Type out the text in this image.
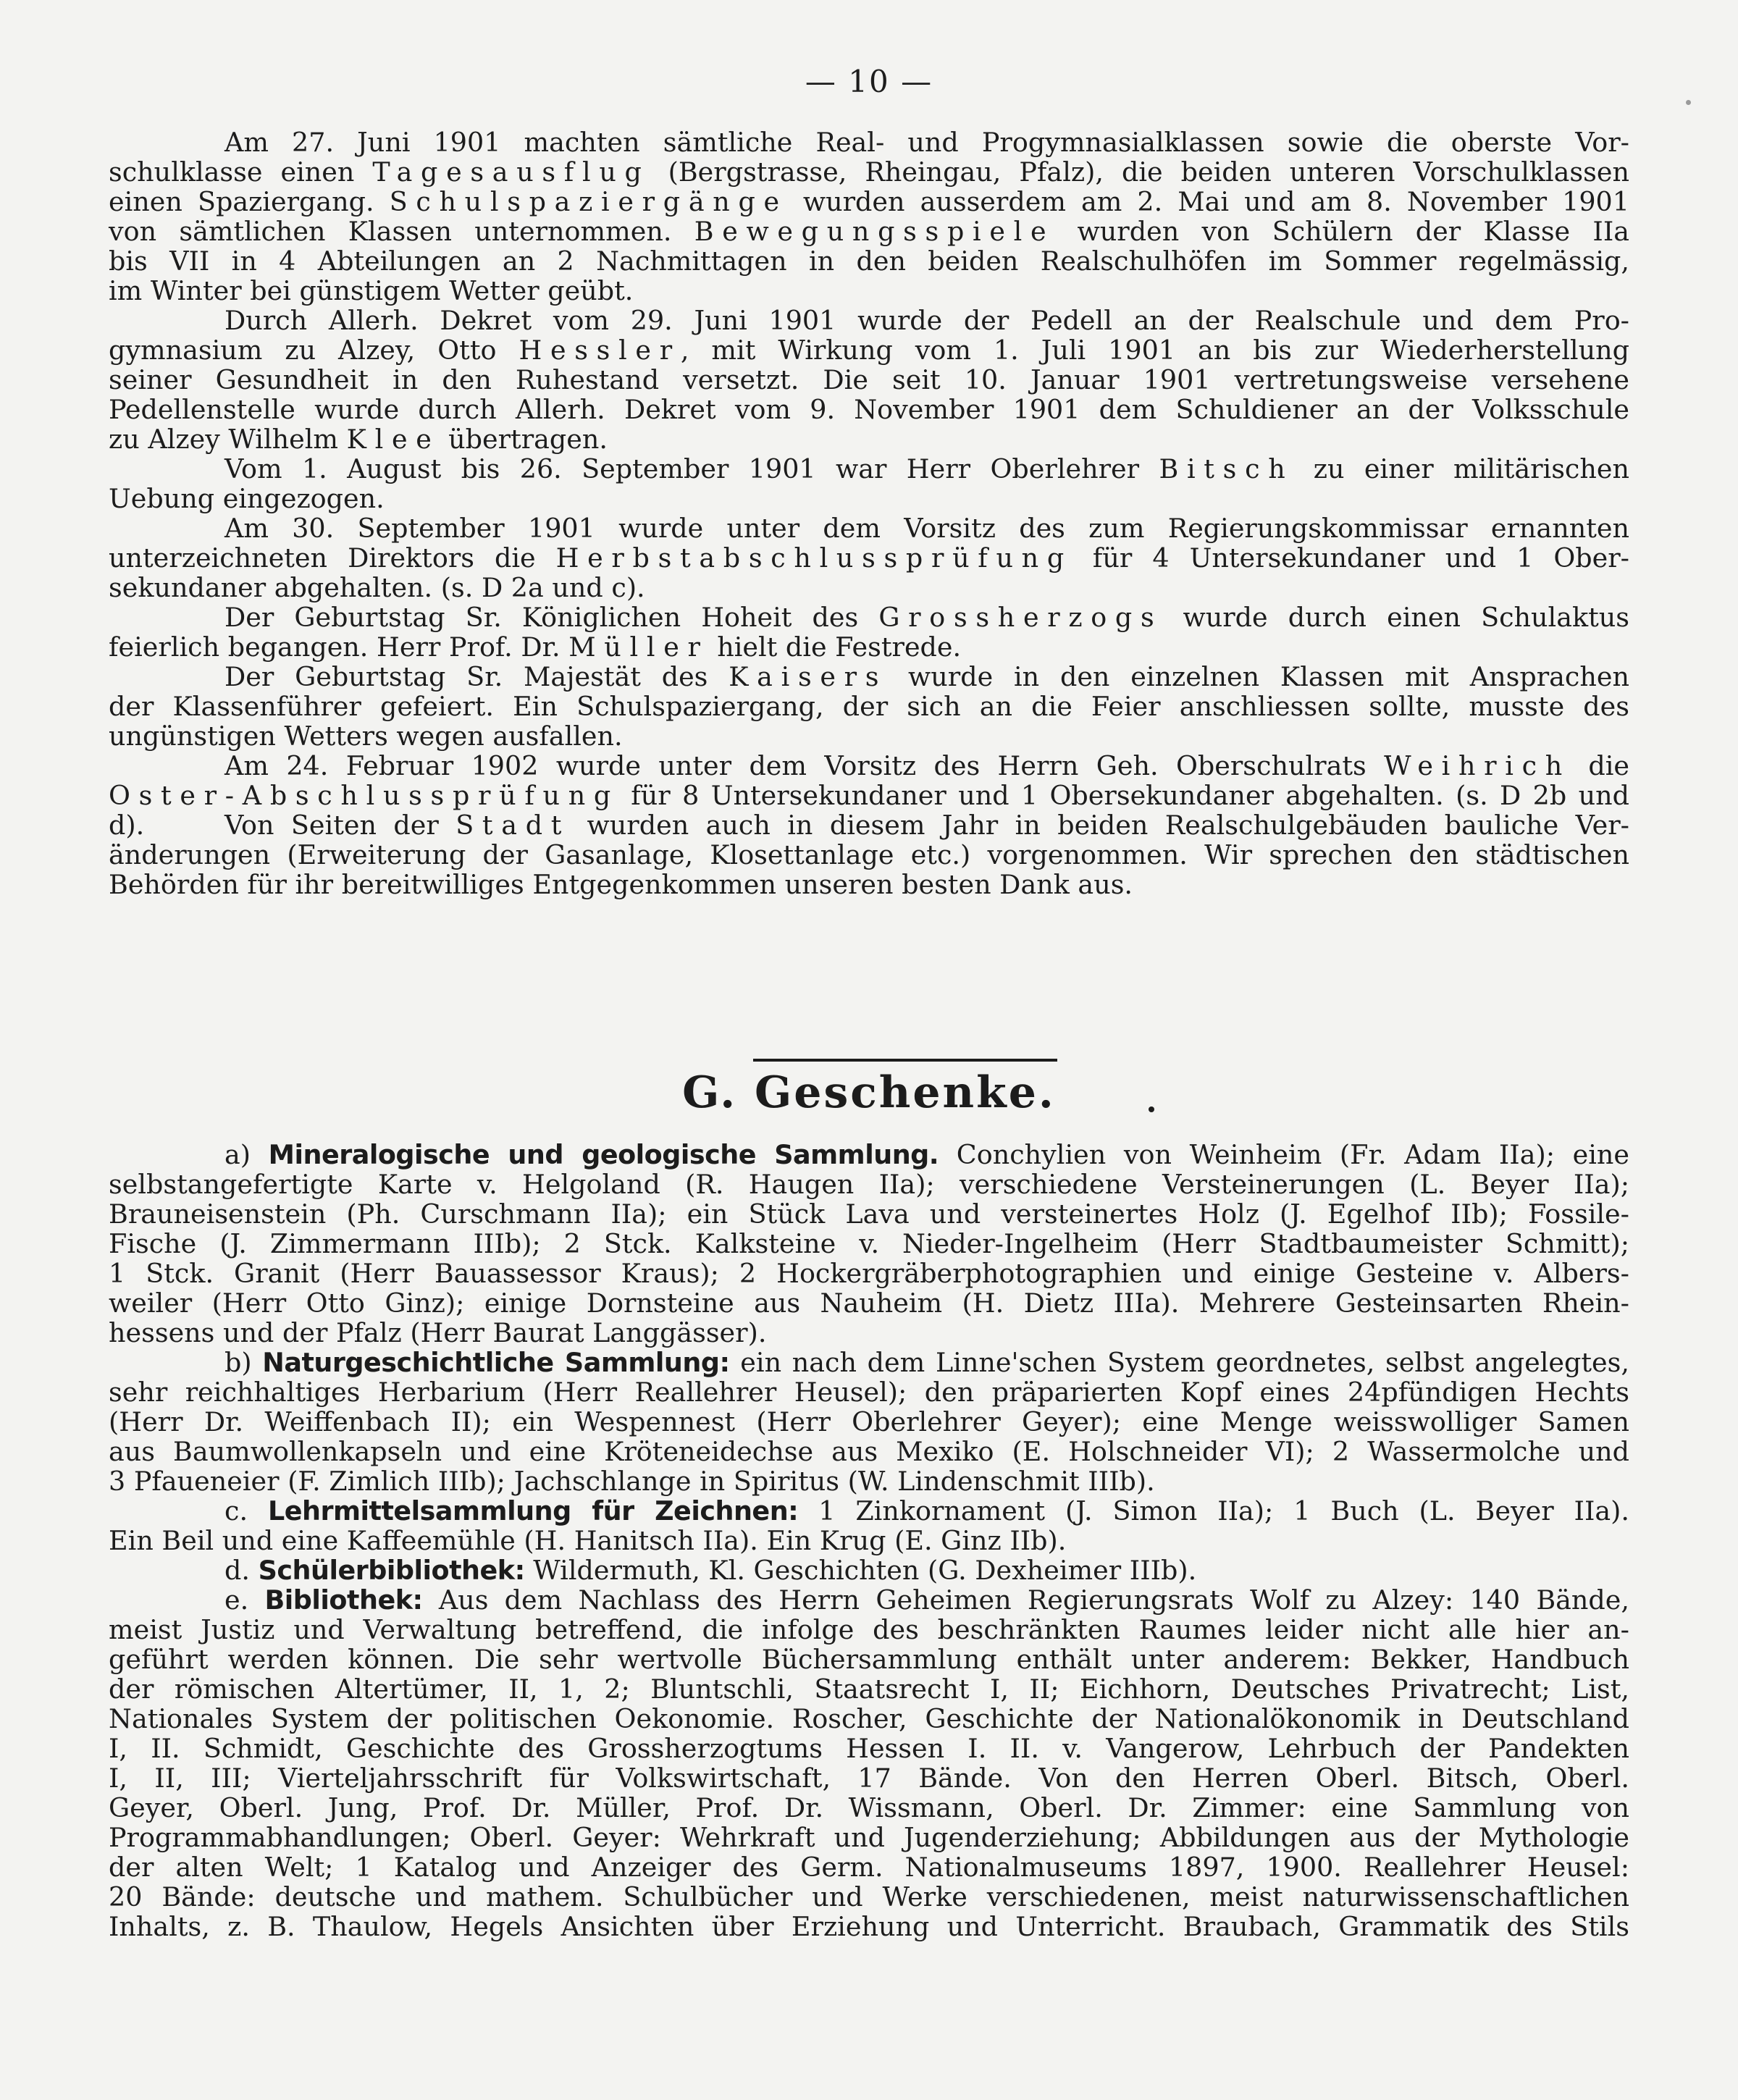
— 10 —
Am 27. Juni 1901 machten sämtliche Real- und Progymnasialklassen sowie die oberste Vor-
schulklasse einen Tagesausflug (Bergstrasse, Rheingau, Pfalz), die beiden unteren Vorschulklassen
einen Spaziergang. Schulspaziergänge wurden ausserdem am 2. Mai und am 8. November 1901
von sämtlichen Klassen unternommen. Bewegungsspiele wurden von Schülern der Klasse IIa
bis VII in 4 Abteilungen an 2 Nachmittagen in den beiden Realschulhöfen im Sommer regelmässig,
im Winter bei günstigem Wetter geübt.
Durch Allerh. Dekret vom 29. Juni 1901 wurde der Pedell an der Realschule und dem Pro-
gymnasium zu Alzey, Otto Hessler, mit Wirkung vom 1. Juli 1901 an bis zur Wiederherstellung
seiner Gesundheit in den Ruhestand versetzt. Die seit 10. Januar 1901 vertretungsweise versehene
Pedellenstelle wurde durch Allerh. Dekret vom 9. November 1901 dem Schuldiener an der Volksschule
zu Alzey Wilhelm Klee übertragen.
Vom 1. August bis 26. September 1901 war Herr Oberlehrer Bitsch zu einer militärischen
Uebung eingezogen.
Am 30. September 1901 wurde unter dem Vorsitz des zum Regierungskommissar ernannten
unterzeichneten Direktors die Herbstabschlussprüfung für 4 Untersekundaner und 1 Ober-
sekundaner abgehalten. (s. D 2a und c).
Der Geburtstag Sr. Königlichen Hoheit des Grossherzogs wurde durch einen Schulaktus
feierlich begangen. Herr Prof. Dr. Müller hielt die Festrede.
Der Geburtstag Sr. Majestät des Kaisers wurde in den einzelnen Klassen mit Ansprachen
der Klassenführer gefeiert. Ein Schulspaziergang, der sich an die Feier anschliessen sollte, musste des
ungünstigen Wetters wegen ausfallen.
Am 24. Februar 1902 wurde unter dem Vorsitz des Herrn Geh. Oberschulrats Weihrich die
Oster-Abschlussprüfung für 8 Untersekundaner und 1 Obersekundaner abgehalten. (s. D 2b und d).	Von Seiten der Stadt wurden auch in diesem Jahr in beiden Realschulgebäuden bauliche Ver-
änderungen (Erweiterung der Gasanlage, Klosettanlage etc.) vorgenommen. Wir sprechen den städtischen
Behörden für ihr bereitwilliges Entgegenkommen unseren besten Dank aus.
G. Geschenke.
a) Mineralogische und geologische Sammlung. Conchylien von Weinheim (Fr. Adam IIa); eine
selbstangefertigte Karte v. Helgoland (R. Haugen IIa); verschiedene Versteinerungen (L. Beyer IIa);
Brauneisenstein (Ph. Curschmann IIa); ein Stück Lava und versteinertes Holz (J. Egelhof IIb); Fossile-
Fische (J. Zimmermann IIIb); 2 Stck. Kalksteine v. Nieder-Ingelheim (Herr Stadtbaumeister Schmitt);
1 Stck. Granit (Herr Bauassessor Kraus); 2 Hockergräberphotographien und einige Gesteine v. Albers-
weiler (Herr Otto Ginz); einige Dornsteine aus Nauheim (H. Dietz IIIa). Mehrere Gesteinsarten Rhein-
hessens und der Pfalz (Herr Baurat Langgässer).
b) Naturgeschichtliche Sammlung: ein nach dem Linne'schen System geordnetes, selbst angelegtes,
sehr reichhaltiges Herbarium (Herr Reallehrer Heusel); den präparierten Kopf eines 24pfündigen Hechts
(Herr Dr. Weiffenbach II); ein Wespennest (Herr Oberlehrer Geyer); eine Menge weisswolliger Samen
aus Baumwollenkapseln und eine Kröteneidechse aus Mexiko (E. Holschneider VI); 2 Wassermolche und
3 Pfaueneier (F. Zimlich IIIb); Jachschlange in Spiritus (W. Lindenschmit IIIb).
c. Lehrmittelsammlung für Zeichnen: 1 Zinkornament (J. Simon IIa); 1 Buch (L. Beyer IIa).
Ein Beil und eine Kaffeemühle (H. Hanitsch IIa). Ein Krug (E. Ginz IIb).
d. Schülerbibliothek: Wildermuth, Kl. Geschichten (G. Dexheimer IIIb).
e. Bibliothek: Aus dem Nachlass des Herrn Geheimen Regierungsrats Wolf zu Alzey: 140 Bände,
meist Justiz und Verwaltung betreffend, die infolge des beschränkten Raumes leider nicht alle hier an-
geführt werden können. Die sehr wertvolle Büchersammlung enthält unter anderem: Bekker, Handbuch
der römischen Altertümer, II, 1, 2; Bluntschli, Staatsrecht I, II; Eichhorn, Deutsches Privatrecht; List,
Nationales System der politischen Oekonomie. Roscher, Geschichte der Nationalökonomik in Deutschland
I, II. Schmidt, Geschichte des Grossherzogtums Hessen I. II. v. Vangerow, Lehrbuch der Pandekten
I, II, III; Vierteljahrsschrift für Volkswirtschaft, 17 Bände. Von den Herren Oberl. Bitsch, Oberl.
Geyer, Oberl. Jung, Prof. Dr. Müller, Prof. Dr. Wissmann, Oberl. Dr. Zimmer: eine Sammlung von
Programmabhandlungen; Oberl. Geyer: Wehrkraft und Jugenderziehung; Abbildungen aus der Mythologie
der alten Welt; 1 Katalog und Anzeiger des Germ. Nationalmuseums 1897, 1900. Reallehrer Heusel:
20 Bände: deutsche und mathem. Schulbücher und Werke verschiedenen, meist naturwissenschaftlichen
Inhalts, z. B. Thaulow, Hegels Ansichten über Erziehung und Unterricht. Braubach, Grammatik des Stils
